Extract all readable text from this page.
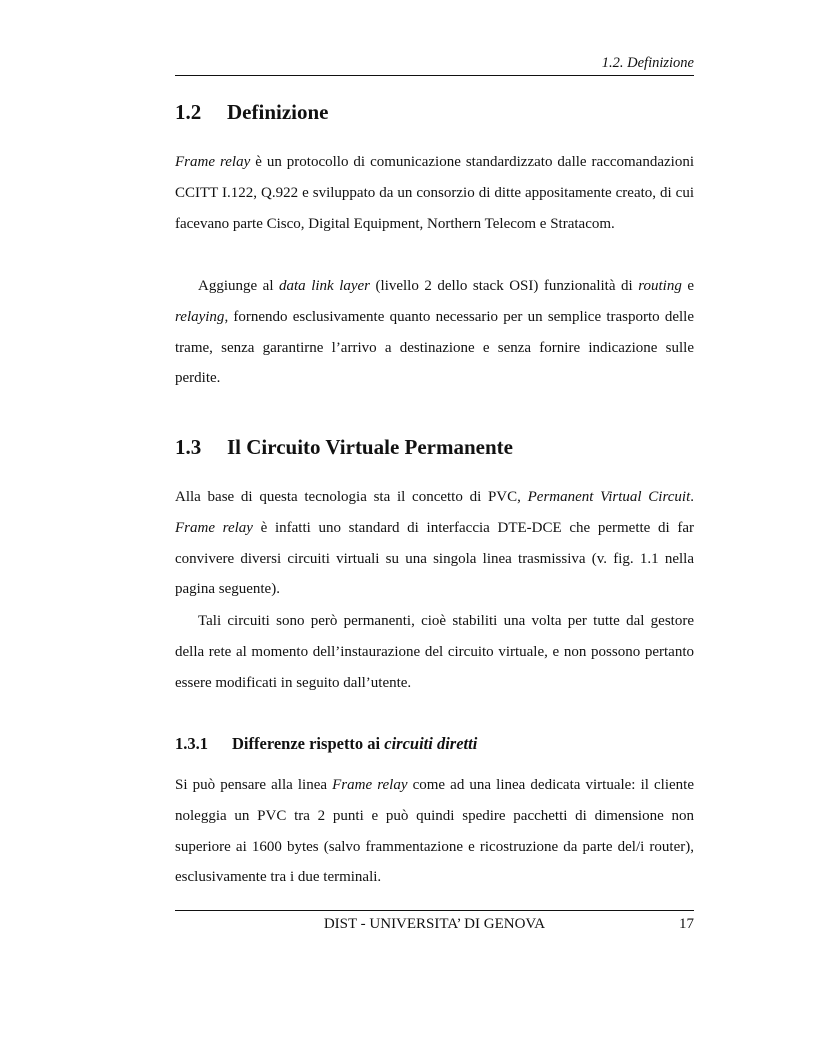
1.2. Definizione
1.2 Definizione

Frame relay è un protocollo di comunicazione standardizzato dalle raccomandazioni CCITT I.122, Q.922 e sviluppato da un consorzio di ditte appositamente creato, di cui facevano parte Cisco, Digital Equipment, Northern Telecom e Stratacom.

Aggiunge al data link layer (livello 2 dello stack OSI) funzionalità di routing e relaying, fornendo esclusivamente quanto necessario per un semplice trasporto delle trame, senza garantirne l’arrivo a destinazione e senza fornire indicazione sulle perdite.

1.3 Il Circuito Virtuale Permanente

Alla base di questa tecnologia sta il concetto di PVC, Permanent Virtual Circuit. Frame relay è infatti uno standard di interfaccia DTE-DCE che permette di far convivere diversi circuiti virtuali su una singola linea trasmissiva (v. fig. 1.1 nella pagina seguente).

Tali circuiti sono però permanenti, cioè stabiliti una volta per tutte dal gestore della rete al momento dell’instaurazione del circuito virtuale, e non possono pertanto essere modificati in seguito dall’utente.

1.3.1 Differenze rispetto ai circuiti diretti

Si può pensare alla linea Frame relay come ad una linea dedicata virtuale: il cliente noleggia un PVC tra 2 punti e può quindi spedire pacchetti di dimensione non superiore ai 1600 bytes (salvo frammentazione e ricostruzione da parte del/i router), esclusivamente tra i due terminali.

DIST - UNIVERSITA’ DI GENOVA	17
